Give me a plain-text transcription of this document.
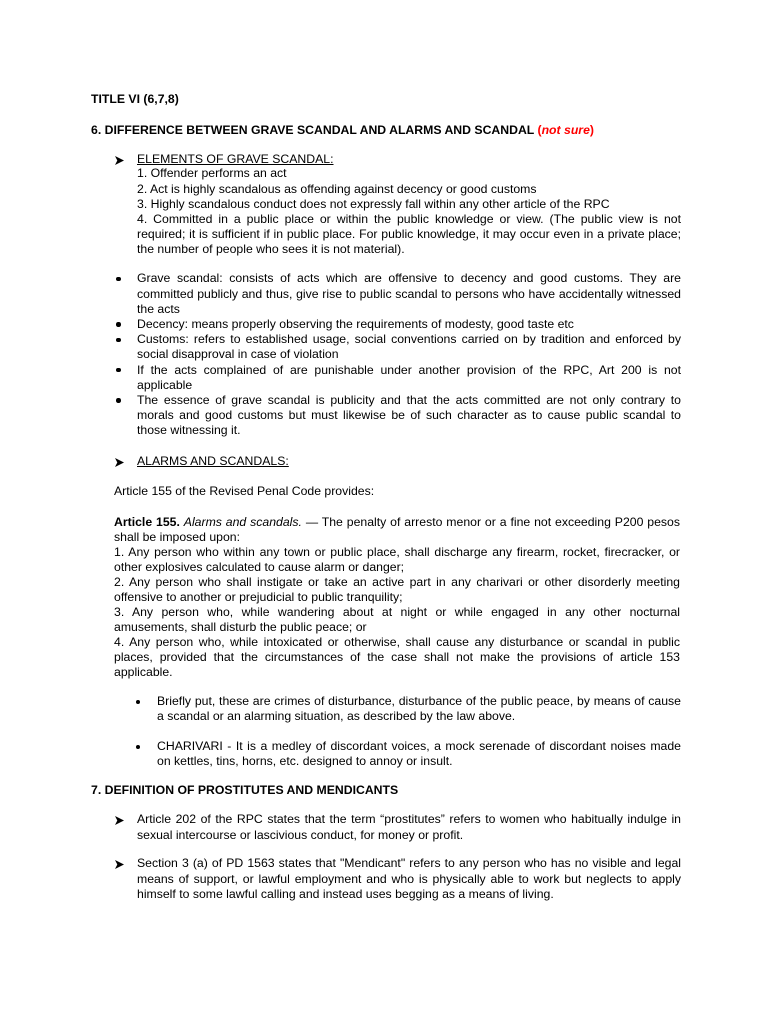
TITLE VI (6,7,8)
6. DIFFERENCE BETWEEN GRAVE SCANDAL AND ALARMS AND SCANDAL (not sure)
ELEMENTS OF GRAVE SCANDAL:
1. Offender performs an act
2. Act is highly scandalous as offending against decency or good customs
3. Highly scandalous conduct does not expressly fall within any other article of the RPC
4. Committed in a public place or within the public knowledge or view. (The public view is not
required; it is sufficient if in public place. For public knowledge, it may occur even in a private place;
the number of people who sees it is not material).
Grave scandal: consists of acts which are offensive to decency and good customs. They are
committed publicly and thus, give rise to public scandal to persons who have accidentally witnessed
the acts
Decency: means properly observing the requirements of modesty, good taste etc
Customs: refers to established usage, social conventions carried on by tradition and enforced by
social disapproval in case of violation
If the acts complained of are punishable under another provision of the RPC, Art 200 is not
applicable
The essence of grave scandal is publicity and that the acts committed are not only contrary to
morals and good customs but must likewise be of such character as to cause public scandal to
those witnessing it.
ALARMS AND SCANDALS:
Article 155 of the Revised Penal Code provides:
Article 155. Alarms and scandals. — The penalty of arresto menor or a fine not exceeding P200 pesos
shall be imposed upon:
1. Any person who within any town or public place, shall discharge any firearm, rocket, firecracker, or
other explosives calculated to cause alarm or danger;
2. Any person who shall instigate or take an active part in any charivari or other disorderly meeting
offensive to another or prejudicial to public tranquility;
3. Any person who, while wandering about at night or while engaged in any other nocturnal
amusements, shall disturb the public peace; or
4. Any person who, while intoxicated or otherwise, shall cause any disturbance or scandal in public
places, provided that the circumstances of the case shall not make the provisions of article 153
applicable.
Briefly put, these are crimes of disturbance, disturbance of the public peace, by means of cause
a scandal or an alarming situation, as described by the law above.
CHARIVARI - It is a medley of discordant voices, a mock serenade of discordant noises made
on kettles, tins, horns, etc. designed to annoy or insult.
7. DEFINITION OF PROSTITUTES AND MENDICANTS
Article 202 of the RPC states that the term “prostitutes” refers to women who habitually indulge in
sexual intercourse or lascivious conduct, for money or profit.
Section 3 (a) of PD 1563 states that "Mendicant" refers to any person who has no visible and legal
means of support, or lawful employment and who is physically able to work but neglects to apply
himself to some lawful calling and instead uses begging as a means of living.
